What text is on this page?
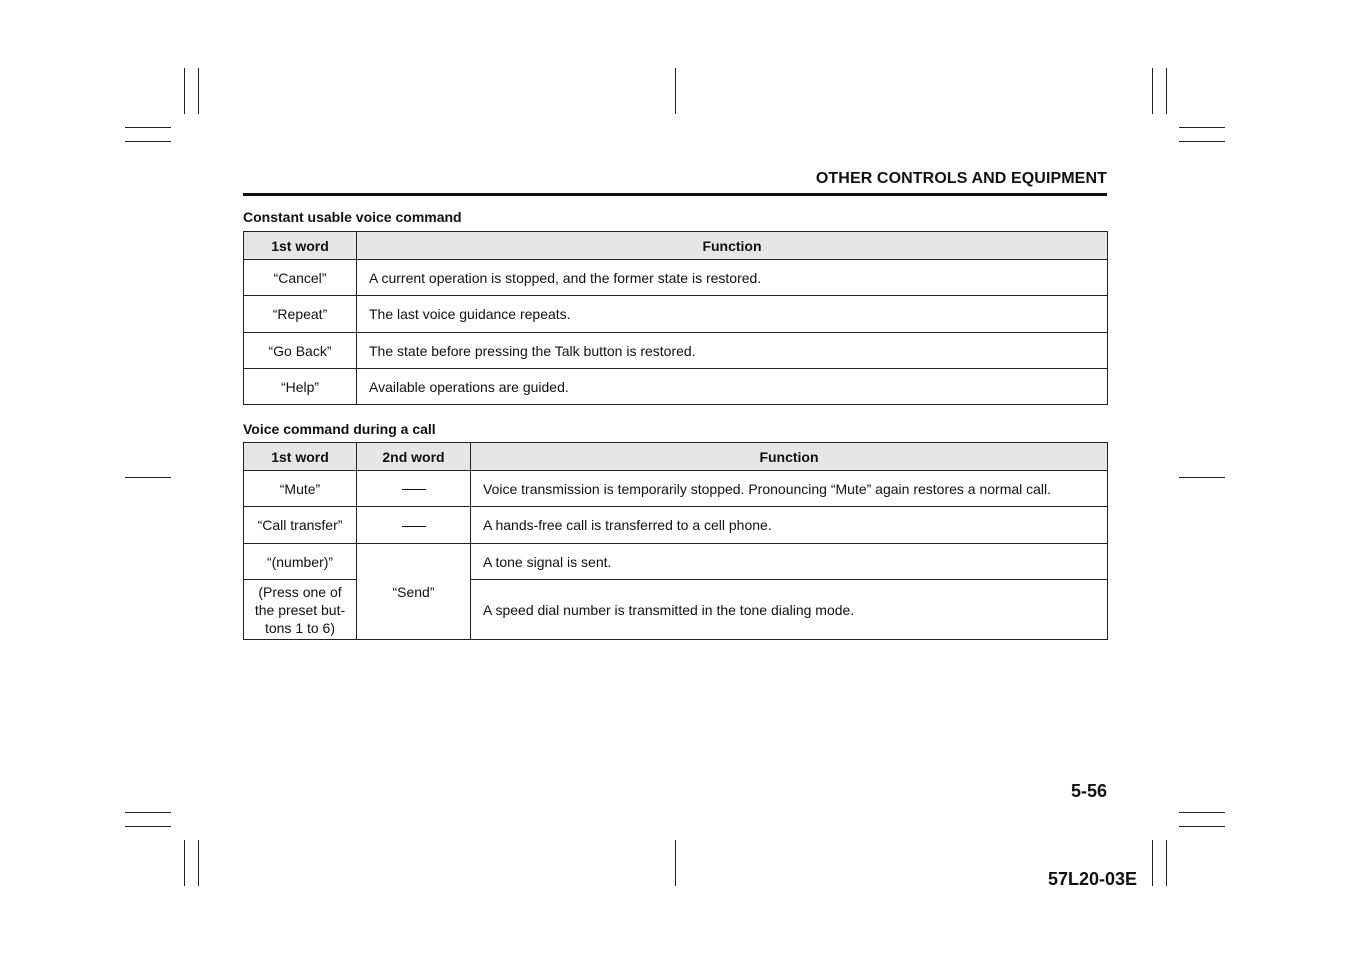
OTHER CONTROLS AND EQUIPMENT
Constant usable voice command
1st word	Function
“Cancel”	A current operation is stopped, and the former state is restored.
“Repeat”	The last voice guidance repeats.
“Go Back”	The state before pressing the Talk button is restored.
“Help”	Available operations are guided.
Voice command during a call
1st word	2nd word	Function
“Mute”		Voice transmission is temporarily stopped. Pronouncing “Mute” again restores a normal call.
“Call transfer”		A hands-free call is transferred to a cell phone.
“(number)”	“Send”	A tone signal is sent.
(Press one of
the preset but-
tons 1 to 6)		A speed dial number is transmitted in the tone dialing mode.
5-56
57L20-03E
